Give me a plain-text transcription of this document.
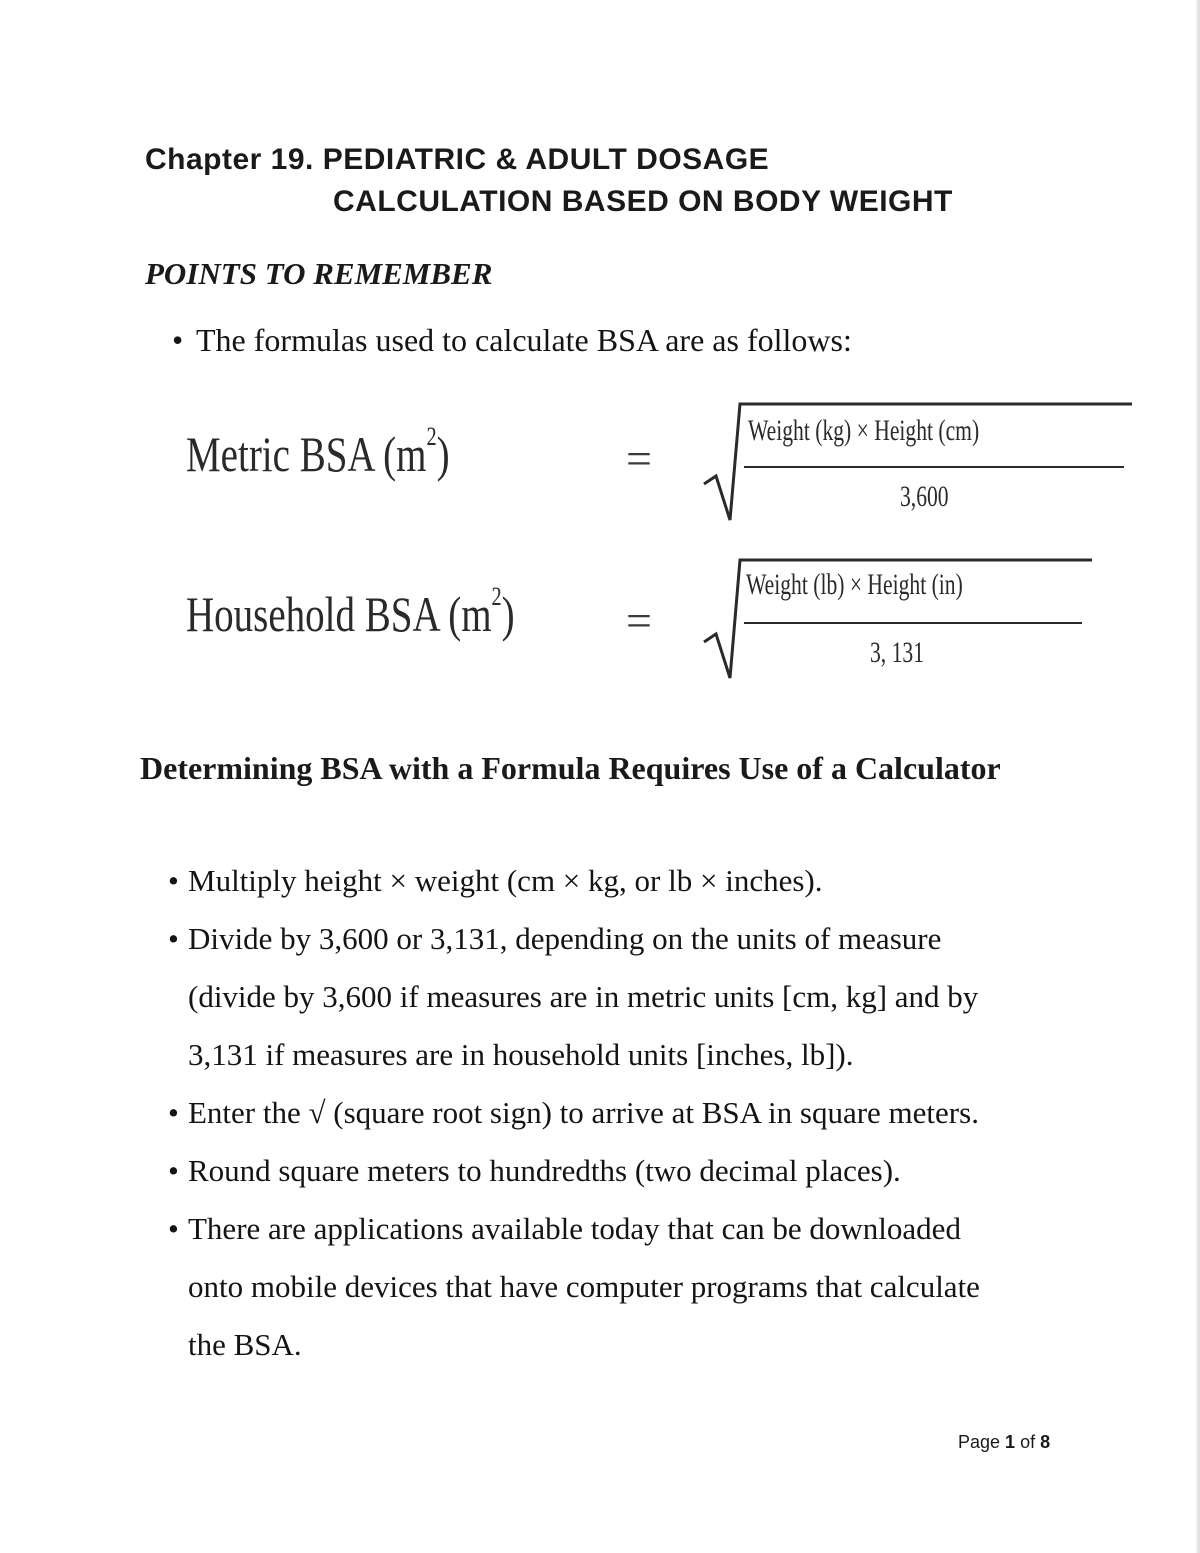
Chapter 19. PEDIATRIC & ADULT DOSAGE
CALCULATION BASED ON BODY WEIGHT
POINTS TO REMEMBER
• The formulas used to calculate BSA are as follows:
Metric BSA $(m^2)$	=
Weight (kg) × Height (cm)
3,600
Household BSA $(m^2)$ =
Weight (lb) × Height (in)
3, 131
Determining BSA with a Formula Requires Use of a Calculator
• Multiply height × weight (cm × kg, or lb × inches).
• Divide by 3,600 or 3,131, depending on the units of measure
(divide by 3,600 if measures are in metric units [cm, kg] and by
3,131 if measures are in household units [inches, lb]).
• Enter the √ (square root sign) to arrive at BSA in square meters.
• Round square meters to hundredths (two decimal places).
• There are applications available today that can be downloaded
onto mobile devices that have computer programs that calculate
the BSA.
Page 1 of 8
